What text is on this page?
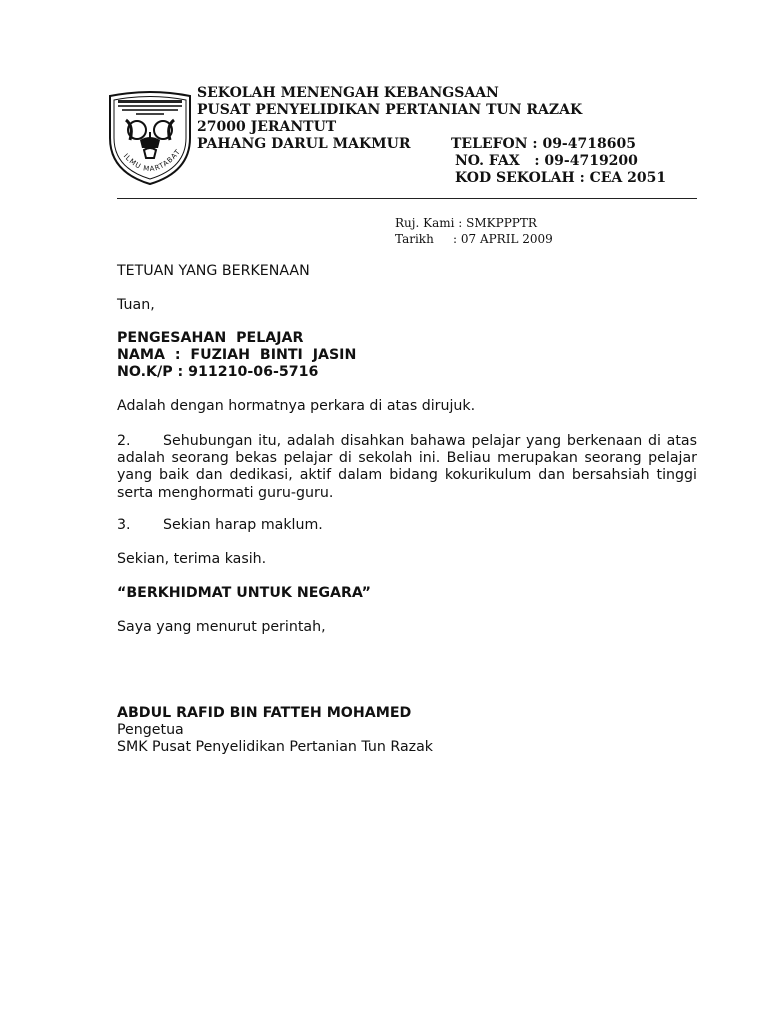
ILMU MARTABAT
SEKOLAH MENENGAH KEBANGSAAN
PUSAT PENYELIDIKAN PERTANIAN TUN RAZAK
27000 JERANTUT
PAHANG DARUL MAKMUR	TELEFON : 09-4718605
NO. FAX   : 09-4719200
KOD SEKOLAH : CEA 2051
Ruj. Kami : SMKPPPTR
Tarikh : 07 APRIL 2009
TETUAN YANG BERKENAAN
Tuan,
PENGESAHAN  PELAJAR
NAMA  :  FUZIAH  BINTI  JASIN
NO.K/P : 911210-06-5716
Adalah dengan hormatnya perkara di atas dirujuk.
2. Sehubungan itu, adalah disahkan bahawa pelajar yang berkenaan di atas adalah seorang bekas pelajar di sekolah ini. Beliau merupakan seorang pelajar yang baik dan dedikasi, aktif dalam bidang kokurikulum dan bersahsiah tinggi serta menghormati guru-guru.
3. Sekian harap maklum.
Sekian, terima kasih.
“BERKHIDMAT UNTUK NEGARA”
Saya yang menurut perintah,
ABDUL RAFID BIN FATTEH MOHAMED
Pengetua
SMK Pusat Penyelidikan Pertanian Tun Razak
